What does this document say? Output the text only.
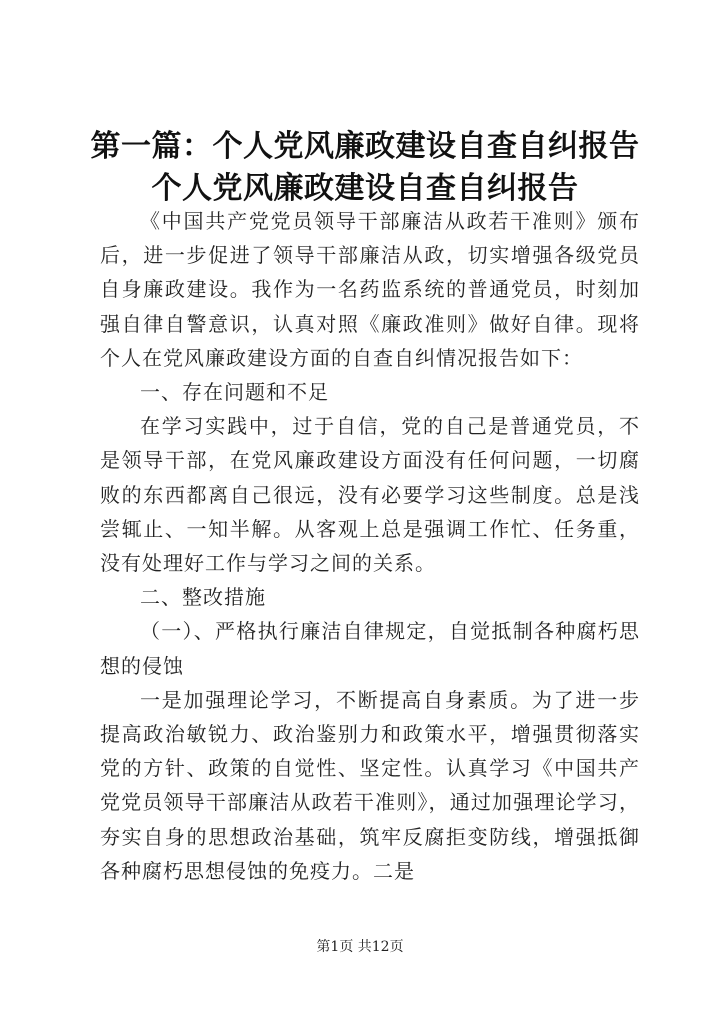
第一篇：个人党风廉政建设自查自纠报告个人党风廉政建设自查自纠报告

《中国共产党党员领导干部廉洁从政若干准则》颁布后，进一步促进了领导干部廉洁从政，切实增强各级党员自身廉政建设。我作为一名药监系统的普通党员，时刻加强自律自警意识，认真对照《廉政准则》做好自律。现将个人在党风廉政建设方面的自查自纠情况报告如下：

一、存在问题和不足

在学习实践中，过于自信，党的自己是普通党员，不是领导干部，在党风廉政建设方面没有任何问题，一切腐败的东西都离自己很远，没有必要学习这些制度。总是浅尝辄止、一知半解。从客观上总是强调工作忙、任务重，没有处理好工作与学习之间的关系。

二、整改措施

（一）、严格执行廉洁自律规定，自觉抵制各种腐朽思想的侵蚀

一是加强理论学习，不断提高自身素质。为了进一步提高政治敏锐力、政治鉴别力和政策水平，增强贯彻落实党的方针、政策的自觉性、坚定性。认真学习《中国共产党党员领导干部廉洁从政若干准则》，通过加强理论学习，夯实自身的思想政治基础，筑牢反腐拒变防线，增强抵御各种腐朽思想侵蚀的免疫力。二是

第1页 共12页
